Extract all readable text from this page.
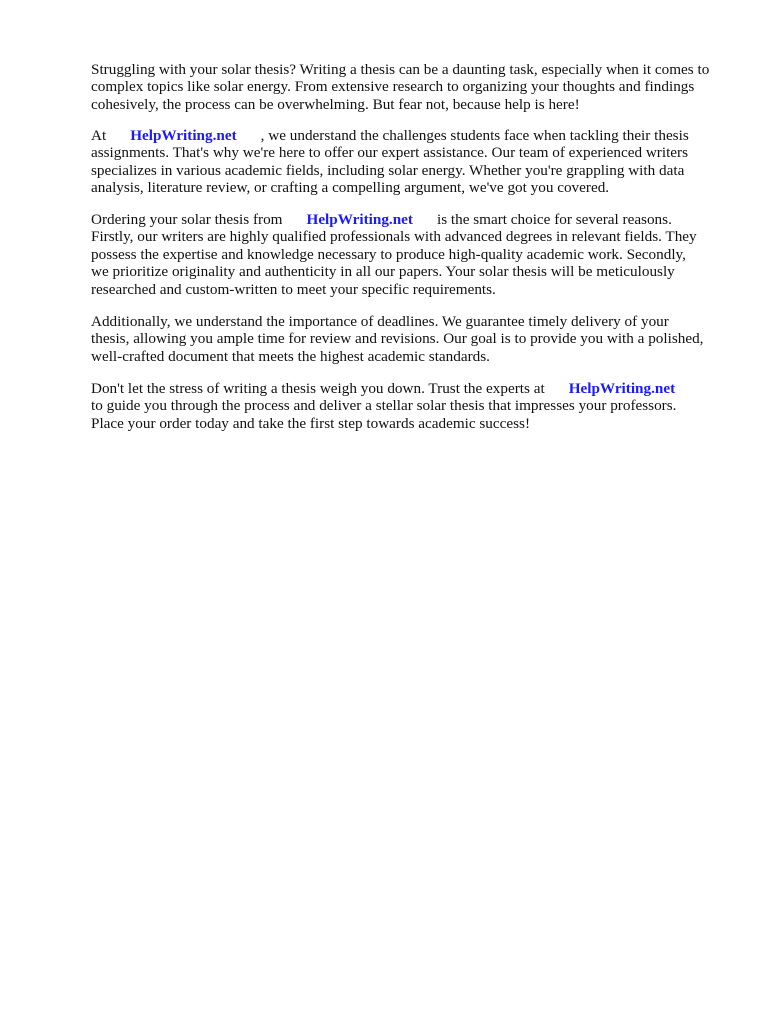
Struggling with your solar thesis? Writing a thesis can be a daunting task, especially when it comes to
complex topics like solar energy. From extensive research to organizing your thoughts and findings
cohesively, the process can be overwhelming. But fear not, because help is here!

At HelpWriting.net , we understand the challenges students face when tackling their thesis
assignments. That's why we're here to offer our expert assistance. Our team of experienced writers
specializes in various academic fields, including solar energy. Whether you're grappling with data
analysis, literature review, or crafting a compelling argument, we've got you covered.

Ordering your solar thesis from HelpWriting.net is the smart choice for several reasons.
Firstly, our writers are highly qualified professionals with advanced degrees in relevant fields. They
possess the expertise and knowledge necessary to produce high-quality academic work. Secondly,
we prioritize originality and authenticity in all our papers. Your solar thesis will be meticulously
researched and custom-written to meet your specific requirements.

Additionally, we understand the importance of deadlines. We guarantee timely delivery of your
thesis, allowing you ample time for review and revisions. Our goal is to provide you with a polished,
well-crafted document that meets the highest academic standards.

Don't let the stress of writing a thesis weigh you down. Trust the experts at HelpWriting.net
to guide you through the process and deliver a stellar solar thesis that impresses your professors.
Place your order today and take the first step towards academic success!
